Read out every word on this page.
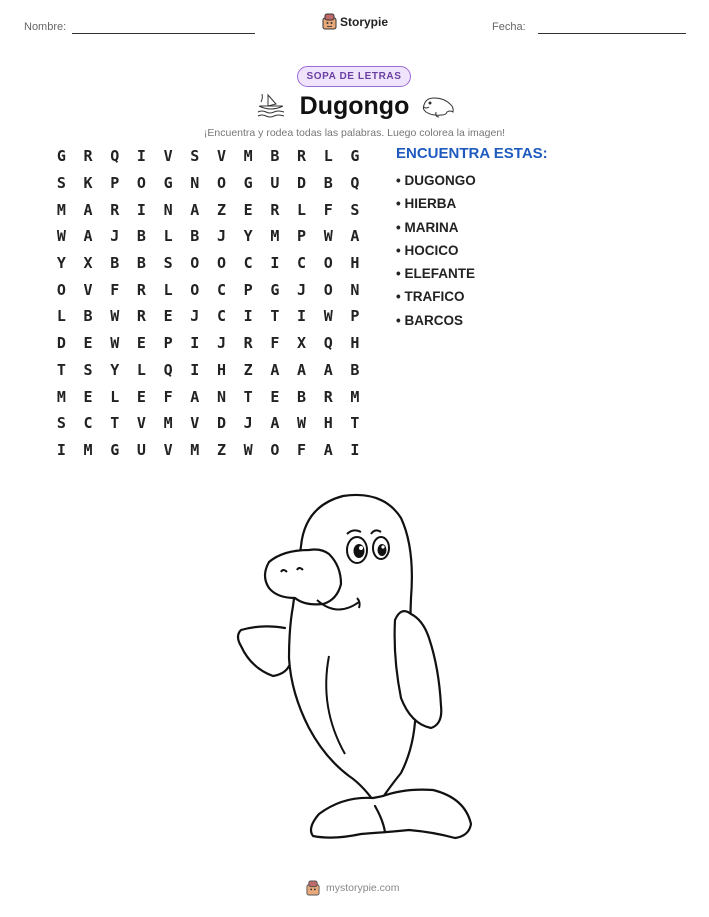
Nombre:	Storypie	Fecha:
SOPA DE LETRAS
Dugongo
¡Encuentra y rodea todas las palabras. Luego colorea la imagen!
G	R	Q	I	V	S	V	M	B	R	L	G
S	K	P	O	G	N	O	G	U	D	B	Q
M	A	R	I	N	A	Z	E	R	L	F	S
W	A	J	B	L	B	J	Y	M	P	W	A
Y	X	B	B	S	O	O	C	I	C	O	H
O	V	F	R	L	O	C	P	G	J	O	N
L	B	W	R	E	J	C	I	T	I	W	P
D	E	W	E	P	I	J	R	F	X	Q	H
T	S	Y	L	Q	I	H	Z	A	A	A	B
M	E	L	E	F	A	N	T	E	B	R	M
S	C	T	V	M	V	D	J	A	W	H	T
I	M	G	U	V	M	Z	W	O	F	A	I
ENCUENTRA ESTAS:
• DUGONGO
• HIERBA
• MARINA
• HOCICO
• ELEFANTE
• TRAFICO
• BARCOS
mystorypie.com
